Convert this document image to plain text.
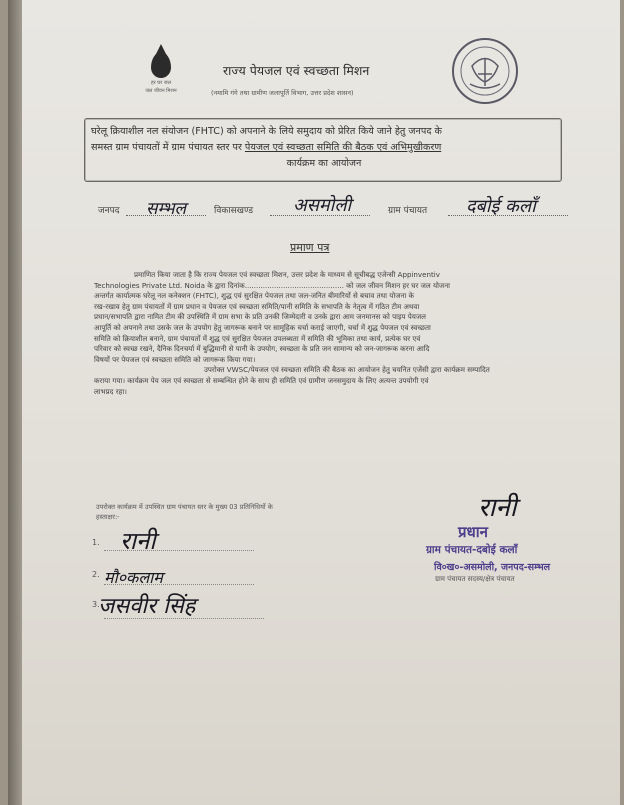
हर घर जल
जल जीवन मिशन
राज्य पेयजल एवं स्वच्छता मिशन
(नमामि गंगे तथा ग्रामीण जलापूर्ति विभाग, उत्तर प्रदेश शासन)
घरेलू क्रियाशील नल संयोजन (FHTC) को अपनाने के लिये समुदाय को प्रेरित किये जाने हेतु जनपद के
समस्त ग्राम पंचायतों में ग्राम पंचायत स्तर पर पेयजल एवं स्वच्छता समिति की बैठक एवं अभिमुखीकरण
कार्यक्रम का आयोजन
जनपद सम्भल	विकासखण्ड असमोली	ग्राम पंचायत दबोई कलाँ
प्रमाण पत्र
प्रमाणित किया जाता है कि राज्य पेयजल एवं स्वच्छता मिशन, उत्तर प्रदेश के माध्यम से सूचीबद्ध एजेन्सी Appinventiv
Technologies Private Ltd. Noida के द्वारा दिनांक............................................ को जल जीवन मिशन हर घर जल योजना
अन्तर्गत कार्यात्मक घरेलू नल कनेक्शन (FHTC), शुद्ध एवं सुरक्षित पेयजल तथा जल-जनित बीमारियों से बचाव तथा योजना के
रख-रखाव हेतु ग्राम पंचायतों में ग्राम प्रधान व पेयजल एवं स्वच्छता समिति/पानी समिति के सभापति के नेतृत्व में गठित टीम अथवा
प्रधान/सभापति द्वारा नामित टीम की उपस्थिति में ग्राम सभा के प्रति उनकी जिम्मेदारी व उनके द्वारा आम जनमानस को पाइप पेयजल
आपूर्ति को अपनाने तथा उसके जल के उपयोग हेतु जागरूक बनाने पर सामूहिक चर्चा कराई जाएगी, चर्चा में शुद्ध पेयजल एवं स्वच्छता
समिति को क्रियाशील बनाने, ग्राम पंचायतों में शुद्ध एवं सुरक्षित पेयजल उपलब्धता में समिति की भूमिका तथा कार्य, प्रत्येक घर एवं
परिवार को स्वच्छ रखने, दैनिक दिनचर्या में बुद्धिमानी से पानी के उपयोग, स्वच्छता के प्रति जन सामान्य को जन-जागरूक करना आदि
विषयों पर पेयजल एवं स्वच्छता समिति को जागरूक किया गया।
उपरोक्त VWSC/पेयजल एवं स्वच्छता समिति की बैठक का आयोजन हेतु चयनित एजेंसी द्वारा कार्यक्रम सम्पादित
कराया गया। कार्यक्रम पेय जल एवं स्वच्छता से सम्बन्धित होने के साथ ही समिति एवं ग्रामीण जनसमुदाय के लिए अत्यन्त उपयोगी एवं
लाभप्रद रहा।
उपरोक्त कार्यक्रम में उपस्थित ग्राम पंचायत स्तर के मुख्य 03 प्रतिनिधियों के
हस्ताक्षर:-
1. रानी
2. मौ०कलाम
3.
जसवीर सिंह
रानी
प्रधान
ग्राम पंचायत-दबोई कलाँ
वि०ख०-असमोली, जनपद-सम्भल
ग्राम पंचायत सदस्य/क्षेत्र पंचायत
